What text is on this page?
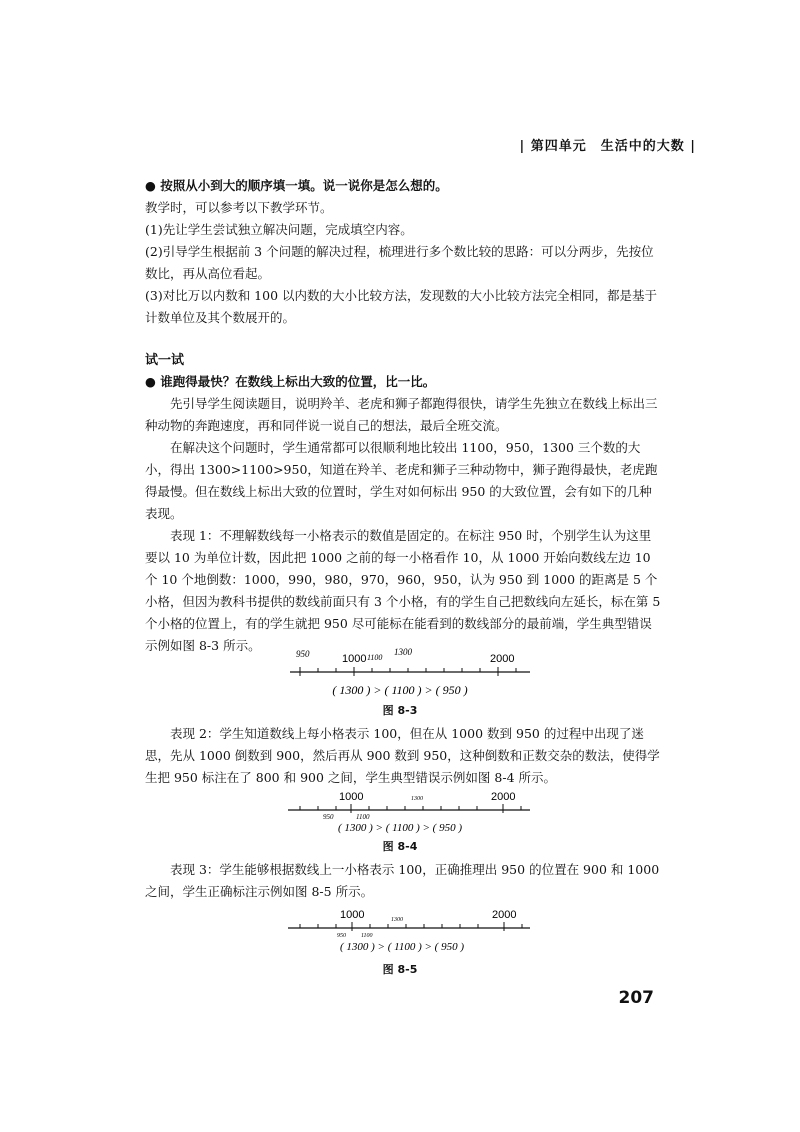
| 第四单元　生活中的大数 |

● 按照从小到大的顺序填一填。说一说你是怎么想的。

教学时，可以参考以下教学环节。

(1)先让学生尝试独立解决问题，完成填空内容。

(2)引导学生根据前 3 个问题的解决过程，梳理进行多个数比较的思路：可以分两步，先按位数比，再从高位看起。

(3)对比万以内数和 100 以内数的大小比较方法，发现数的大小比较方法完全相同，都是基于计数单位及其个数展开的。

试一试

● 谁跑得最快？在数线上标出大致的位置，比一比。

先引导学生阅读题目，说明羚羊、老虎和狮子都跑得很快，请学生先独立在数线上标出三种动物的奔跑速度，再和同伴说一说自己的想法，最后全班交流。

在解决这个问题时，学生通常都可以很顺利地比较出 1100，950，1300 三个数的大小，得出 1300>1100>950，知道在羚羊、老虎和狮子三种动物中，狮子跑得最快，老虎跑得最慢。但在数线上标出大致的位置时，学生对如何标出 950 的大致位置，会有如下的几种表现。

表现 1：不理解数线每一小格表示的数值是固定的。在标注 950 时，个别学生认为这里要以 10 为单位计数，因此把 1000 之前的每一小格看作 10，从 1000 开始向数线左边 10 个 10 个地倒数：1000，990，980，970，960，950，认为 950 到 1000 的距离是 5 个小格，但因为教科书提供的数线前面只有 3 个小格，有的学生自己把数线向左延长，标在第 5 个小格的位置上，有的学生就把 950 尽可能标在能看到的数线部分的最前端，学生典型错误示例如图 8-3 所示。

1000	2000
950	1100
1300
( 1300 ) > ( 1100 ) > ( 950 )
图 8-3

表现 2：学生知道数线上每小格表示 100，但在从 1000 数到 950 的过程中出现了迷思，先从 1000 倒数到 900，然后再从 900 数到 950，这种倒数和正数交杂的数法，使得学生把 950 标注在了 800 和 900 之间，学生典型错误示例如图 8-4 所示。

1000	2000
1300
950	1100
( 1300 ) > ( 1100 ) > ( 950 )
图 8-4

表现 3：学生能够根据数线上一小格表示 100，正确推理出 950 的位置在 900 和 1000 之间，学生正确标注示例如图 8-5 所示。

1000	2000
1300
950	1100
( 1300 ) > ( 1100 ) > ( 950 )
图 8-5
207
